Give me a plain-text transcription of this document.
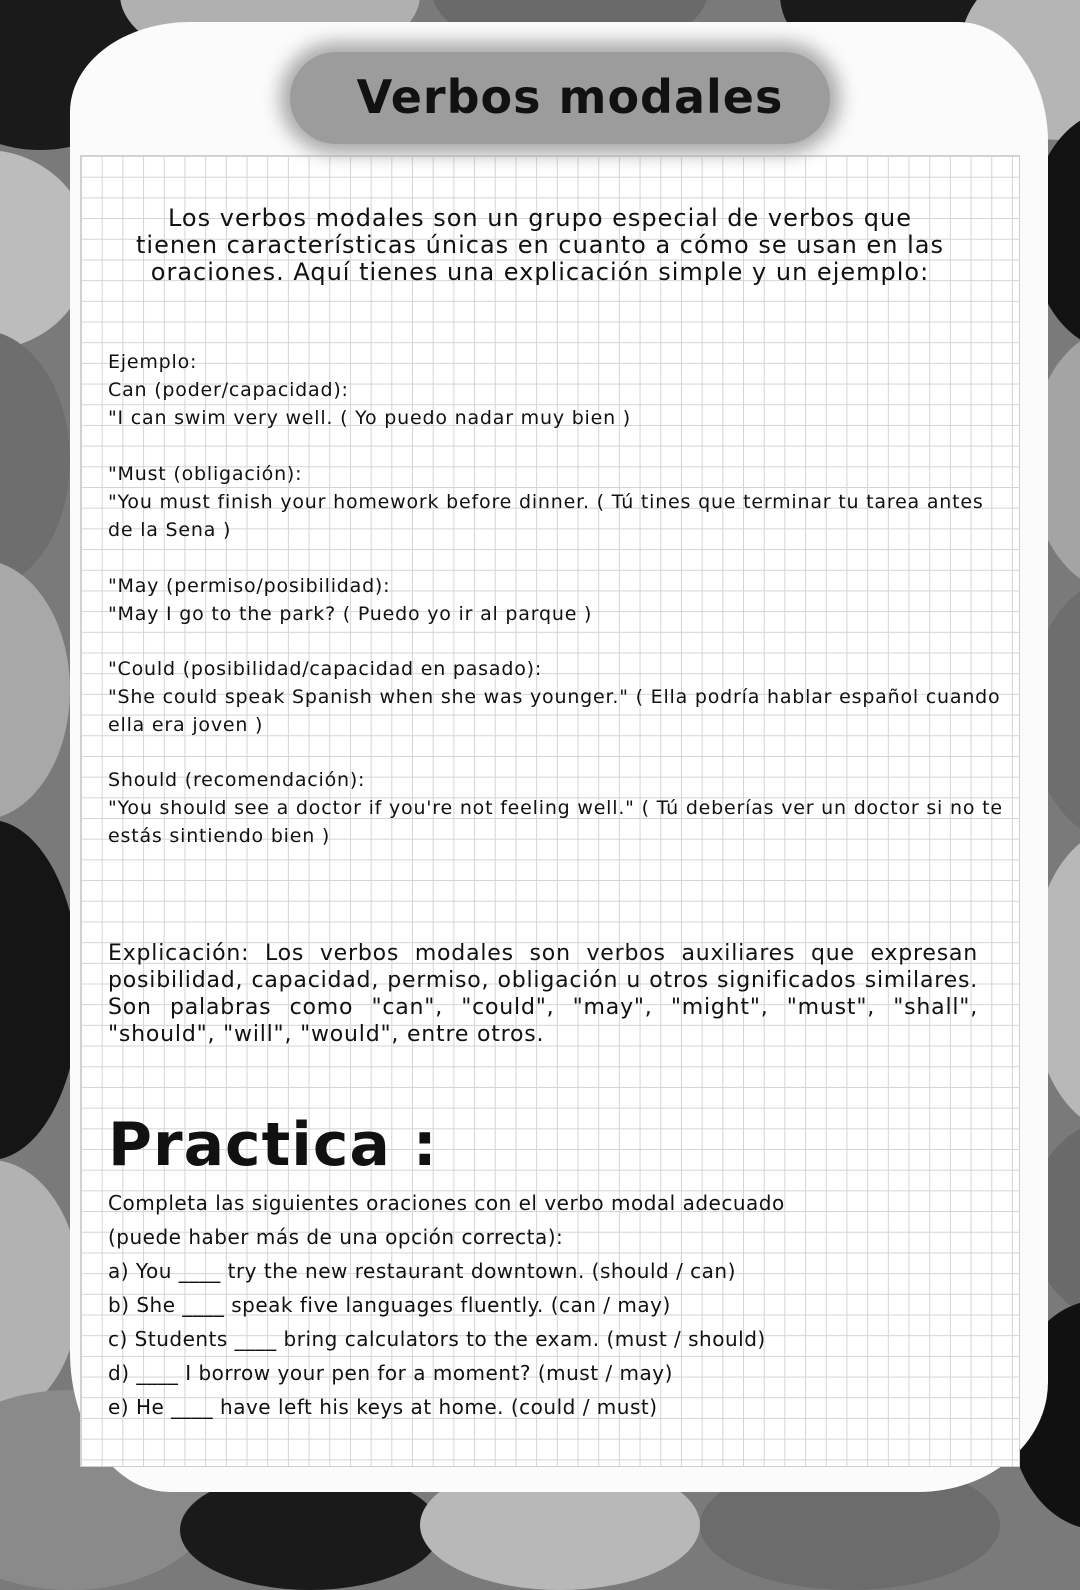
Verbos modales

Los verbos modales son un grupo especial de verbos que tienen características únicas en cuanto a cómo se usan en las oraciones. Aquí tienes una explicación simple y un ejemplo:

Ejemplo:

Can (poder/capacidad):

"I can swim very well. ( Yo puedo nadar muy bien )

"Must (obligación):

"You must finish your homework before dinner. ( Tú tines que terminar tu tarea antes de la Sena )

"May (permiso/posibilidad):

"May I go to the park? ( Puedo yo ir al parque )

"Could (posibilidad/capacidad en pasado):

"She could speak Spanish when she was younger." ( Ella podría hablar español cuando ella era joven )

Should (recomendación):

"You should see a doctor if you're not feeling well." ( Tú deberías ver un doctor si no te estás sintiendo bien )

Explicación: Los verbos modales son verbos auxiliares que expresan posibilidad, capacidad, permiso, obligación u otros significados similares. Son palabras como "can", "could", "may", "might", "must", "shall", "should", "will", "would", entre otros.

Practica :

Completa las siguientes oraciones con el verbo modal adecuado

(puede haber más de una opción correcta):

a) You ____ try the new restaurant downtown. (should / can)

b) She ____ speak five languages fluently. (can / may)

c) Students ____ bring calculators to the exam. (must / should)

d) ____ I borrow your pen for a moment? (must / may)

e) He ____ have left his keys at home. (could / must)
